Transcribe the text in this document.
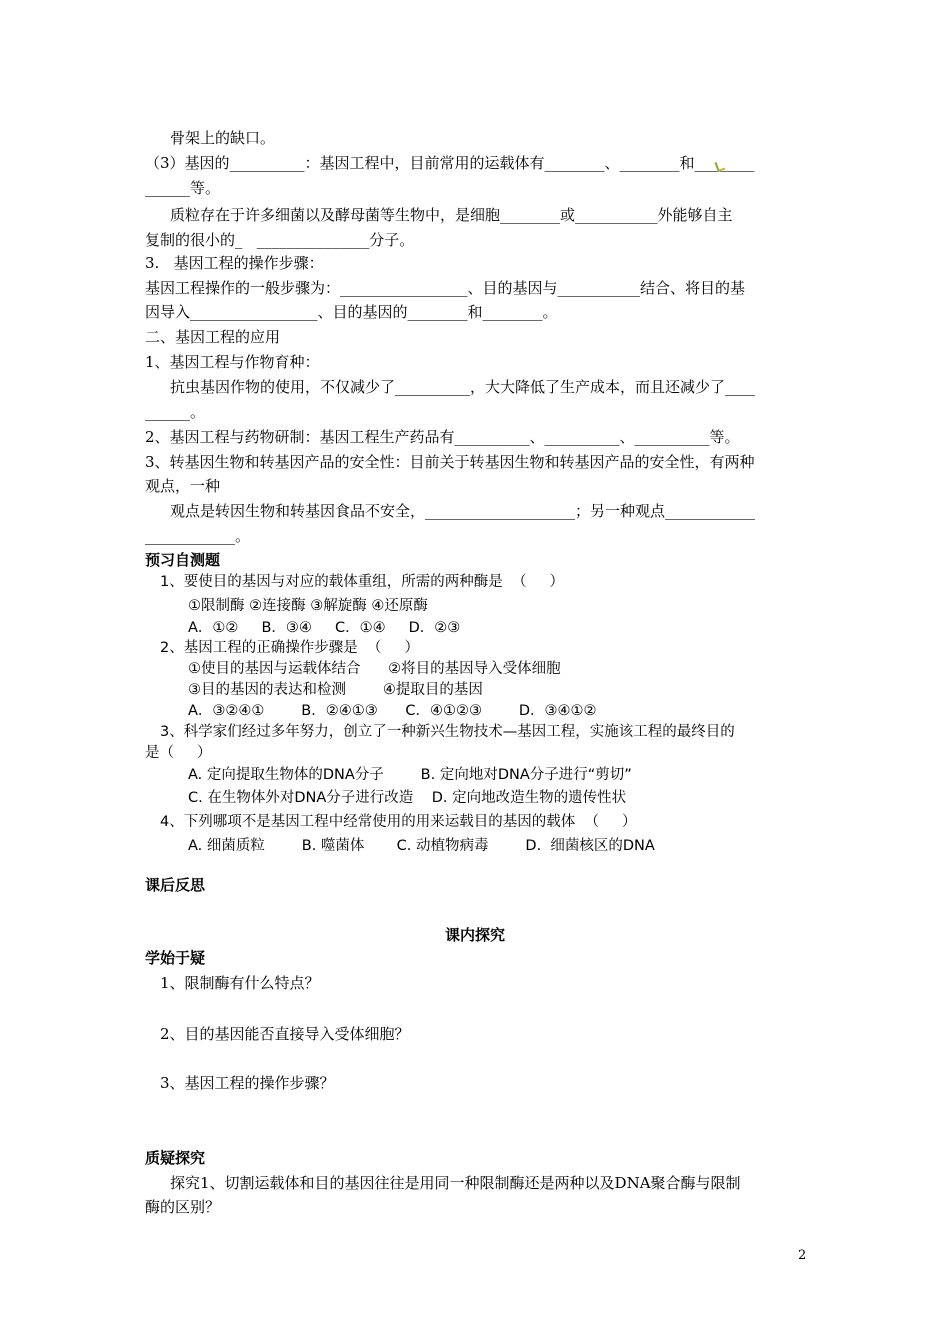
骨架上的缺口。
（3）基因的__________：基因工程中，目前常用的运载体有________、________和________
______等。
质粒存在于许多细菌以及酵母菌等生物中，是细胞________或___________外能够自主
复制的很小的_   _______________分子。
3.   基因工程的操作步骤：
基因工程操作的一般步骤为：_________________、目的基因与___________结合、将目的基
因导入_________________、目的基因的________和________。
二、基因工程的应用
1、基因工程与作物育种：
抗虫基因作物的使用，不仅减少了__________，大大降低了生产成本，而且还减少了____
______。
2、基因工程与药物研制：基因工程生产药品有__________、__________、__________等。
3、转基因生物和转基因产品的安全性：目前关于转基因生物和转基因产品的安全性，有两种
观点，一种
观点是转因生物和转基因食品不安全，____________________；另一种观点____________
____________。
预习自测题
1、要使目的基因与对应的载体重组，所需的两种酶是  （     ）
①限制酶 ②连接酶 ③解旋酶 ④还原酶
A．①②     B．③④     C．①④     D．②③
2、基因工程的正确操作步骤是  （     ）
①使目的基因与运载体结合      ②将目的基因导入受体细胞
③目的基因的表达和检测        ④提取目的基因
A．③②④①        B．②④①③      C．④①②③        D．③④①②
3、科学家们经过多年努力，创立了一种新兴生物技术—基因工程，实施该工程的最终目的
是（     ）
A. 定向提取生物体的DNA分子        B. 定向地对DNA分子进行“剪切”
C. 在生物体外对DNA分子进行改造    D. 定向地改造生物的遗传性状
4、下列哪项不是基因工程中经常使用的用来运载目的基因的载体  （     ）
A. 细菌质粒        B. 噬菌体       C. 动植物病毒        D.  细菌核区的DNA
课后反思
课内探究
学始于疑
1、限制酶有什么特点？
2、目的基因能否直接导入受体细胞？
3、基因工程的操作步骤？
质疑探究
探究1、切割运载体和目的基因往往是用同一种限制酶还是两种以及DNA聚合酶与限制
酶的区别？
2
